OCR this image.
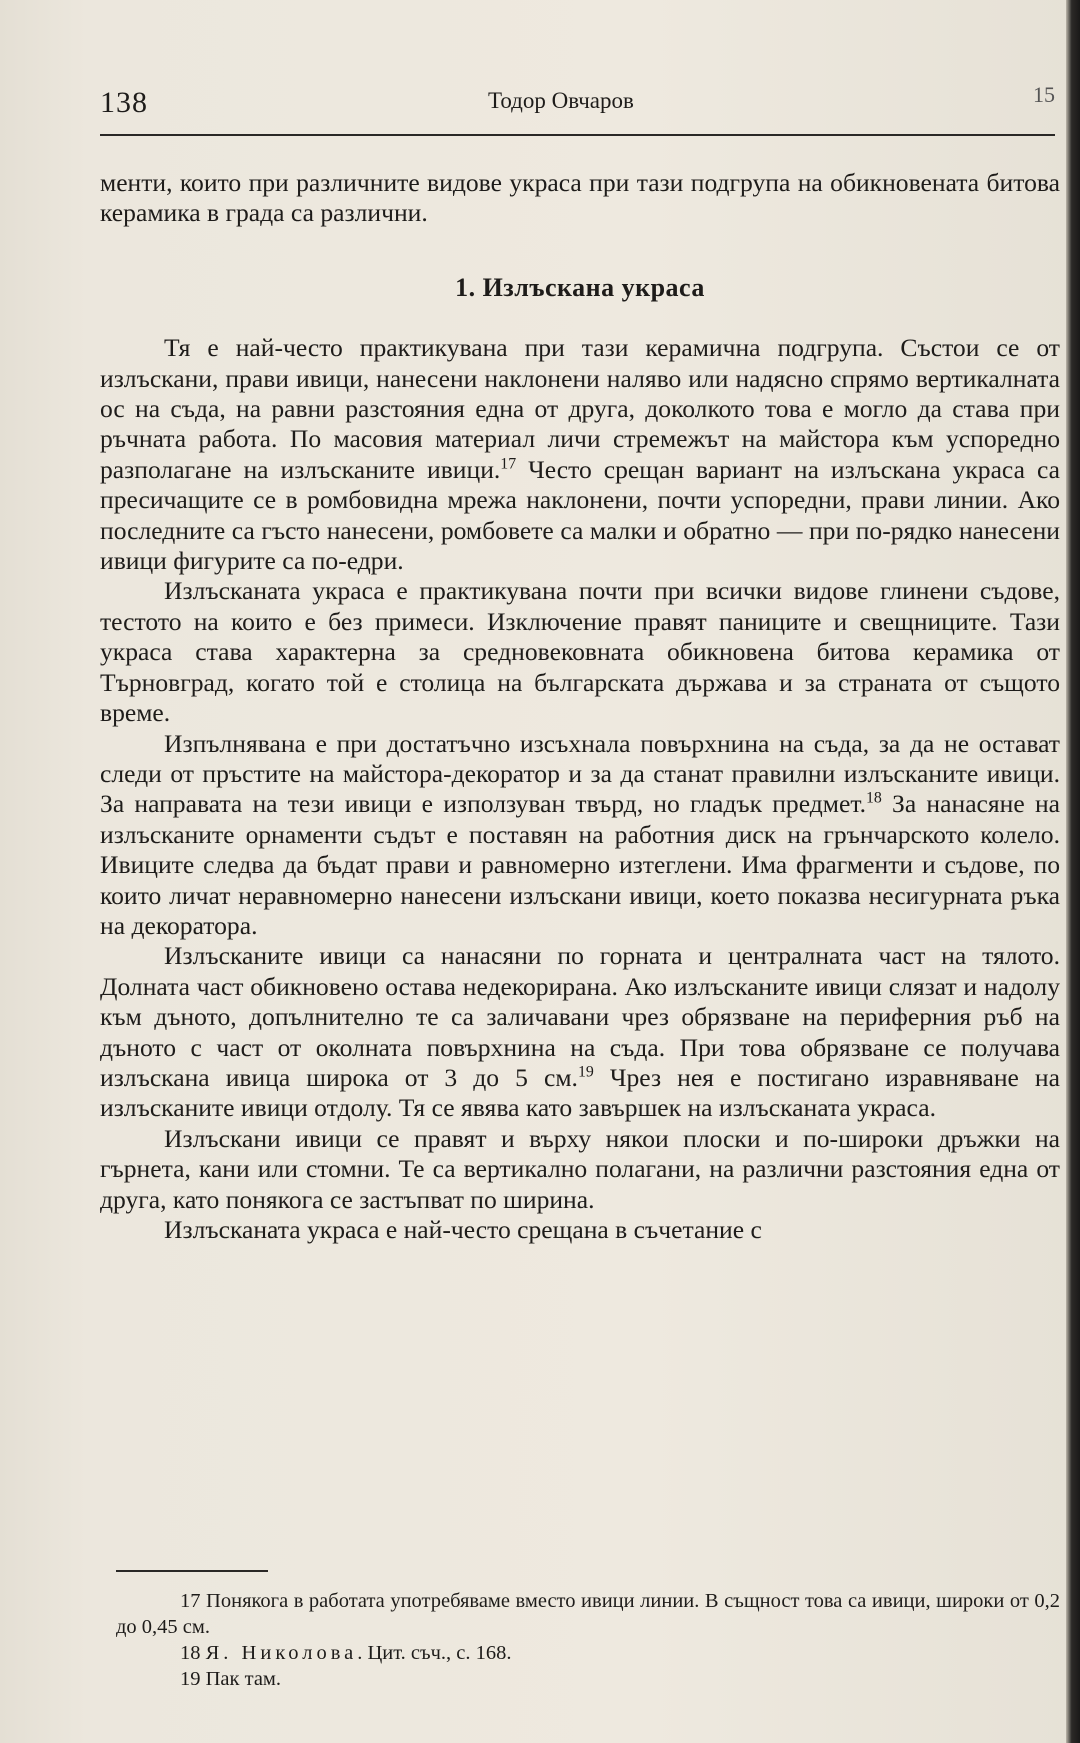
138	Тодор Овчаров	15

менти, които при различните видове украса при тази подгрупа на обикновената битова керамика в града са различни.

1. Излъскана украса

Тя е най-често практикувана при тази керамична подгрупа. Състои се от излъскани, прави ивици, нанесени наклонени наляво или надясно спрямо вертикалната ос на съда, на равни разстояния една от друга, доколкото това е могло да става при ръчната работа. По масовия материал личи стремежът на майстора към успоредно разполагане на излъсканите ивици.$^{17}$ Често срещан вариант на излъскана украса са пресичащите се в ромбовидна мрежа наклонени, почти успоредни, прави линии. Ако последните са гъсто нанесени, ромбовете са малки и обратно — при по-рядко нанесени ивици фигурите са по-едри.

Излъсканата украса е практикувана почти при всички видове глинени съдове, тестото на които е без примеси. Изключение правят паниците и свещниците. Тази украса става характерна за средновековната обикновена битова керамика от Търновград, когато той е столица на българската държава и за страната от същото време.

Изпълнявана е при достатъчно изсъхнала повърхнина на съда, за да не остават следи от пръстите на майстора-декоратор и за да станат правилни излъсканите ивици. За направата на тези ивици е използуван твърд, но гладък предмет.$^{18}$ За нанасяне на излъсканите орнаменти съдът е поставян на работния диск на грънчарското колело. Ивиците следва да бъдат прави и равномерно изтеглени. Има фрагменти и съдове, по които личат неравномерно нанесени излъскани ивици, което показва несигурната ръка на декоратора.

Излъсканите ивици са нанасяни по горната и централната част на тялото. Долната част обикновено остава недекорирана. Ако излъсканите ивици слязат и надолу към дъното, допълнително те са заличавани чрез обрязване на периферния ръб на дъното с част от околната повърхнина на съда. При това обрязване се получава излъскана ивица широка от 3 до 5 см.$^{19}$ Чрез нея е постигано изравняване на излъсканите ивици отдолу. Тя се явява като завършек на излъсканата украса.

Излъскани ивици се правят и върху някои плоски и по-широки дръжки на гърнета, кани или стомни. Те са вертикално полагани, на различни разстояния една от друга, като понякога се застъпват по ширина.

Излъсканата украса е най-често срещана в съчетание с

17 Понякога в работата употребяваме вместо ивици линии. В същност това са ивици, широки от 0,2 до 0,45 см.

18 Я. Николова. Цит. съч., с. 168.

19 Пак там.
